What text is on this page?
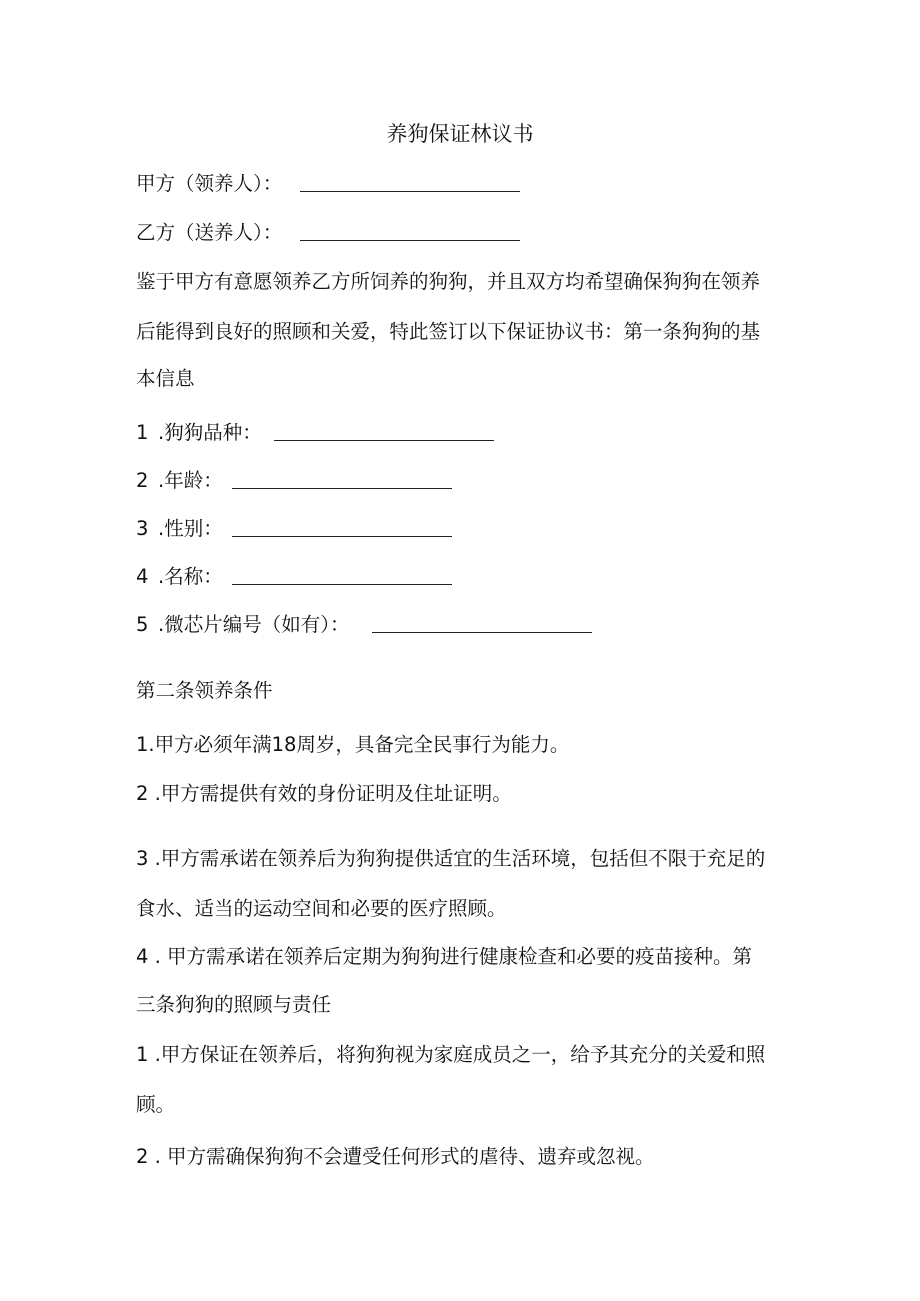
养狗保证林议书
甲方（领养人）：
乙方（送养人）：
鉴于甲方有意愿领养乙方所饲养的狗狗，并且双方均希望确保狗狗在领养
后能得到良好的照顾和关爱，特此签订以下保证协议书：第一条狗狗的基
本信息
1 .狗狗品种：
2 .年龄：
3 .性别：
4 .名称：
5 .微芯片编号（如有）：
第二条领养条件
1.甲方必须年满18周岁，具备完全民事行为能力。
2 .甲方需提供有效的身份证明及住址证明。
3 .甲方需承诺在领养后为狗狗提供适宜的生活环境，包括但不限于充足的
食水、适当的运动空间和必要的医疗照顾。
4 . 甲方需承诺在领养后定期为狗狗进行健康检查和必要的疫苗接种。第
三条狗狗的照顾与责任
1 .甲方保证在领养后，将狗狗视为家庭成员之一，给予其充分的关爱和照
顾。
2 . 甲方需确保狗狗不会遭受任何形式的虐待、遗弃或忽视。
